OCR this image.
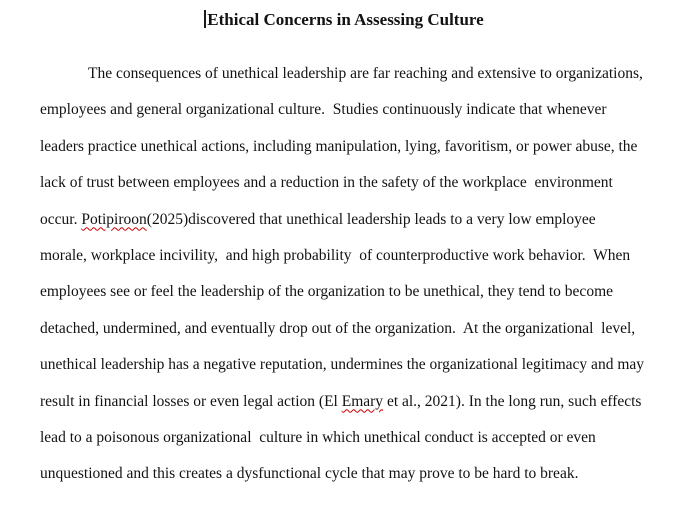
Ethical Concerns in Assessing Culture
The consequences of unethical leadership are far reaching and extensive to organizations,
employees and general organizational culture.  Studies continuously indicate that whenever
leaders practice unethical actions, including manipulation, lying, favoritism, or power abuse, the
lack of trust between employees and a reduction in the safety of the workplace  environment
occur. Potipiroon(2025)discovered that unethical leadership leads to a very low employee
morale, workplace incivility,  and high probability  of counterproductive work behavior.  When
employees see or feel the leadership of the organization to be unethical, they tend to become
detached, undermined, and eventually drop out of the organization.  At the organizational  level,
unethical leadership has a negative reputation, undermines the organizational legitimacy and may
result in financial losses or even legal action (El Emary et al., 2021). In the long run, such effects
lead to a poisonous organizational  culture in which unethical conduct is accepted or even
unquestioned and this creates a dysfunctional cycle that may prove to be hard to break.
